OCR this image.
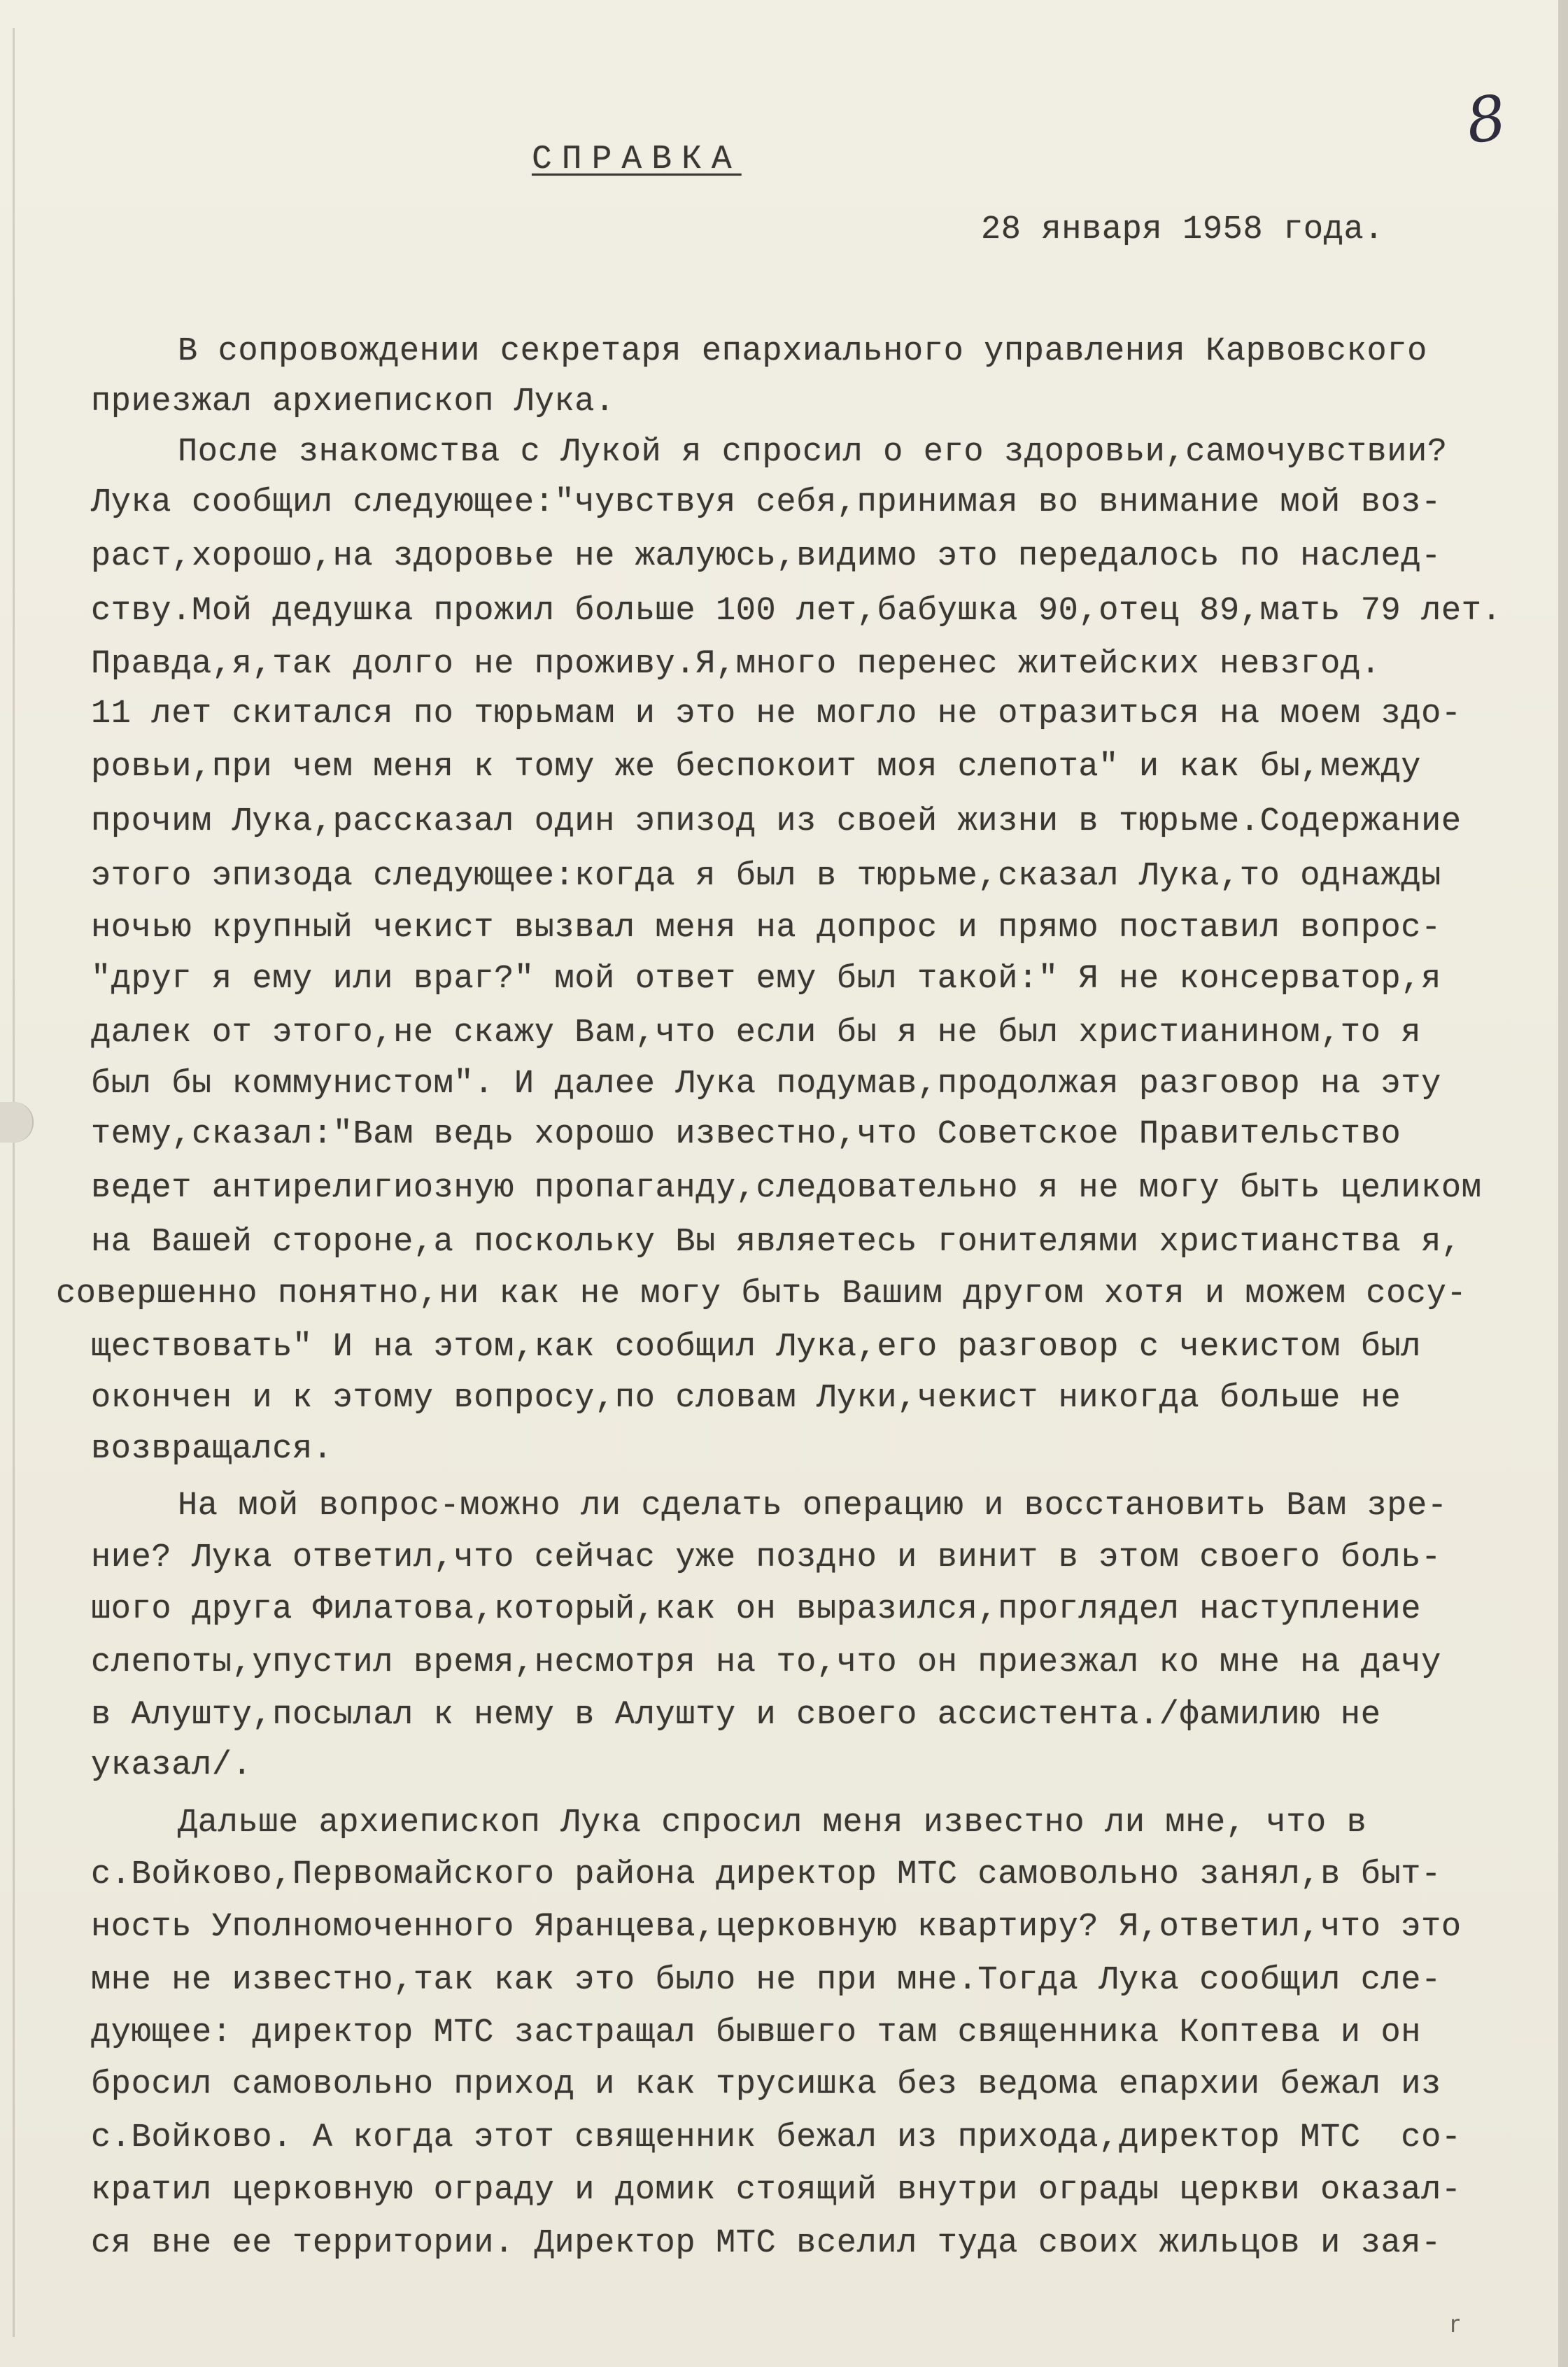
8
СПРАВКА
28 января 1958 года.
В сопровождении секретаря епархиального управления Карвовского
приезжал архиепископ Лука.
После знакомства с Лукой я спросил о его здоровьи,самочувствии?
Лука сообщил следующее:"чувствуя себя,принимая во внимание мой воз-
раст,хорошо,на здоровье не жалуюсь,видимо это передалось по наслед-
ству.Мой дедушка прожил больше 100 лет,бабушка 90,отец 89,мать 79 лет.
Правда,я,так долго не проживу.Я,много перенес житейских невзгод.
11 лет скитался по тюрьмам и это не могло не отразиться на моем здо-
ровьи,при чем меня к тому же беспокоит моя слепота" и как бы,между
прочим Лука,рассказал один эпизод из своей жизни в тюрьме.Содержание
этого эпизода следующее:когда я был в тюрьме,сказал Лука,то однажды
ночью крупный чекист вызвал меня на допрос и прямо поставил вопрос-
"друг я ему или враг?" мой ответ ему был такой:" Я не консерватор,я
далек от этого,не скажу Вам,что если бы я не был христианином,то я
был бы коммунистом". И далее Лука подумав,продолжая разговор на эту
тему,сказал:"Вам ведь хорошо известно,что Советское Правительство
ведет антирелигиозную пропаганду,следовательно я не могу быть целиком
на Вашей стороне,а поскольку Вы являетесь гонителями христианства я,
совершенно понятно,ни как не могу быть Вашим другом хотя и можем сосу-
ществовать" И на этом,как сообщил Лука,его разговор с чекистом был
окончен и к этому вопросу,по словам Луки,чекист никогда больше не
возвращался.
На мой вопрос-можно ли сделать операцию и восстановить Вам зре-
ние? Лука ответил,что сейчас уже поздно и винит в этом своего боль-
шого друга Филатова,который,как он выразился,проглядел наступление
слепоты,упустил время,несмотря на то,что он приезжал ко мне на дачу
в Алушту,посылал к нему в Алушту и своего ассистента./фамилию не
указал/.
Дальше архиепископ Лука спросил меня известно ли мне, что в
с.Войково,Первомайского района директор МТС самовольно занял,в быт-
ность Уполномоченного Яранцева,церковную квартиру? Я,ответил,что это
мне не известно,так как это было не при мне.Тогда Лука сообщил сле-
дующее: директор МТС застращал бывшего там священника Коптева и он
бросил самовольно приход и как трусишка без ведома епархии бежал из
с.Войково. А когда этот священник бежал из прихода,директор МТС  со-
кратил церковную ограду и домик стоящий внутри ограды церкви оказал-
ся вне ее территории. Директор МТС вселил туда своих жильцов и зая-
r
